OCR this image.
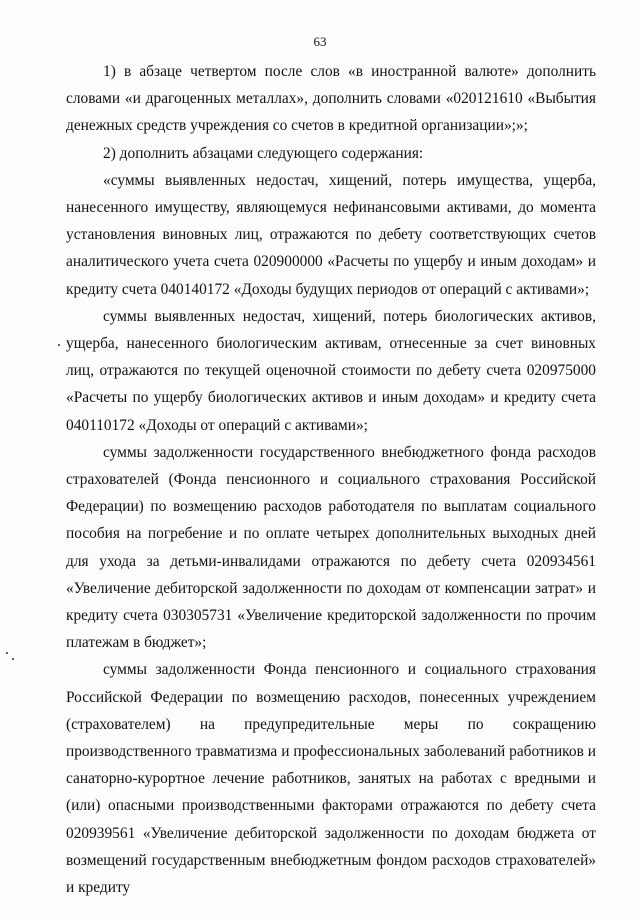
63

1) в абзаце четвертом после слов «в иностранной валюте» дополнить словами «и драгоценных металлах», дополнить словами «020121610 «Выбытия денежных средств учреждения со счетов в кредитной организации»;»;

2) дополнить абзацами следующего содержания:

«суммы выявленных недостач, хищений, потерь имущества, ущерба, нанесенного имуществу, являющемуся нефинансовыми активами, до момента установления виновных лиц, отражаются по дебету соответствующих счетов аналитического учета счета 020900000 «Расчеты по ущербу и иным доходам» и кредиту счета 040140172 «Доходы будущих периодов от операций с активами»;

суммы выявленных недостач, хищений, потерь биологических активов, ущерба, нанесенного биологическим активам, отнесенные за счет виновных лиц, отражаются по текущей оценочной стоимости по дебету счета 020975000 «Расчеты по ущербу биологических активов и иным доходам» и кредиту счета 040110172 «Доходы от операций с активами»;

суммы задолженности государственного внебюджетного фонда расходов страхователей (Фонда пенсионного и социального страхования Российской Федерации) по возмещению расходов работодателя по выплатам социального пособия на погребение и по оплате четырех дополнительных выходных дней для ухода за детьми-инвалидами отражаются по дебету счета 020934561 «Увеличение дебиторской задолженности по доходам от компенсации затрат» и кредиту счета 030305731 «Увеличение кредиторской задолженности по прочим платежам в бюджет»;

суммы задолженности Фонда пенсионного и социального страхования Российской Федерации по возмещению расходов, понесенных учреждением (страхователем) на предупредительные меры по сокращению производственного травматизма и профессиональных заболеваний работников и санаторно-курортное лечение работников, занятых на работах с вредными и (или) опасными производственными факторами отражаются по дебету счета 020939561 «Увеличение дебиторской задолженности по доходам бюджета от возмещений государственным внебюджетным фондом расходов страхователей» и кредиту
